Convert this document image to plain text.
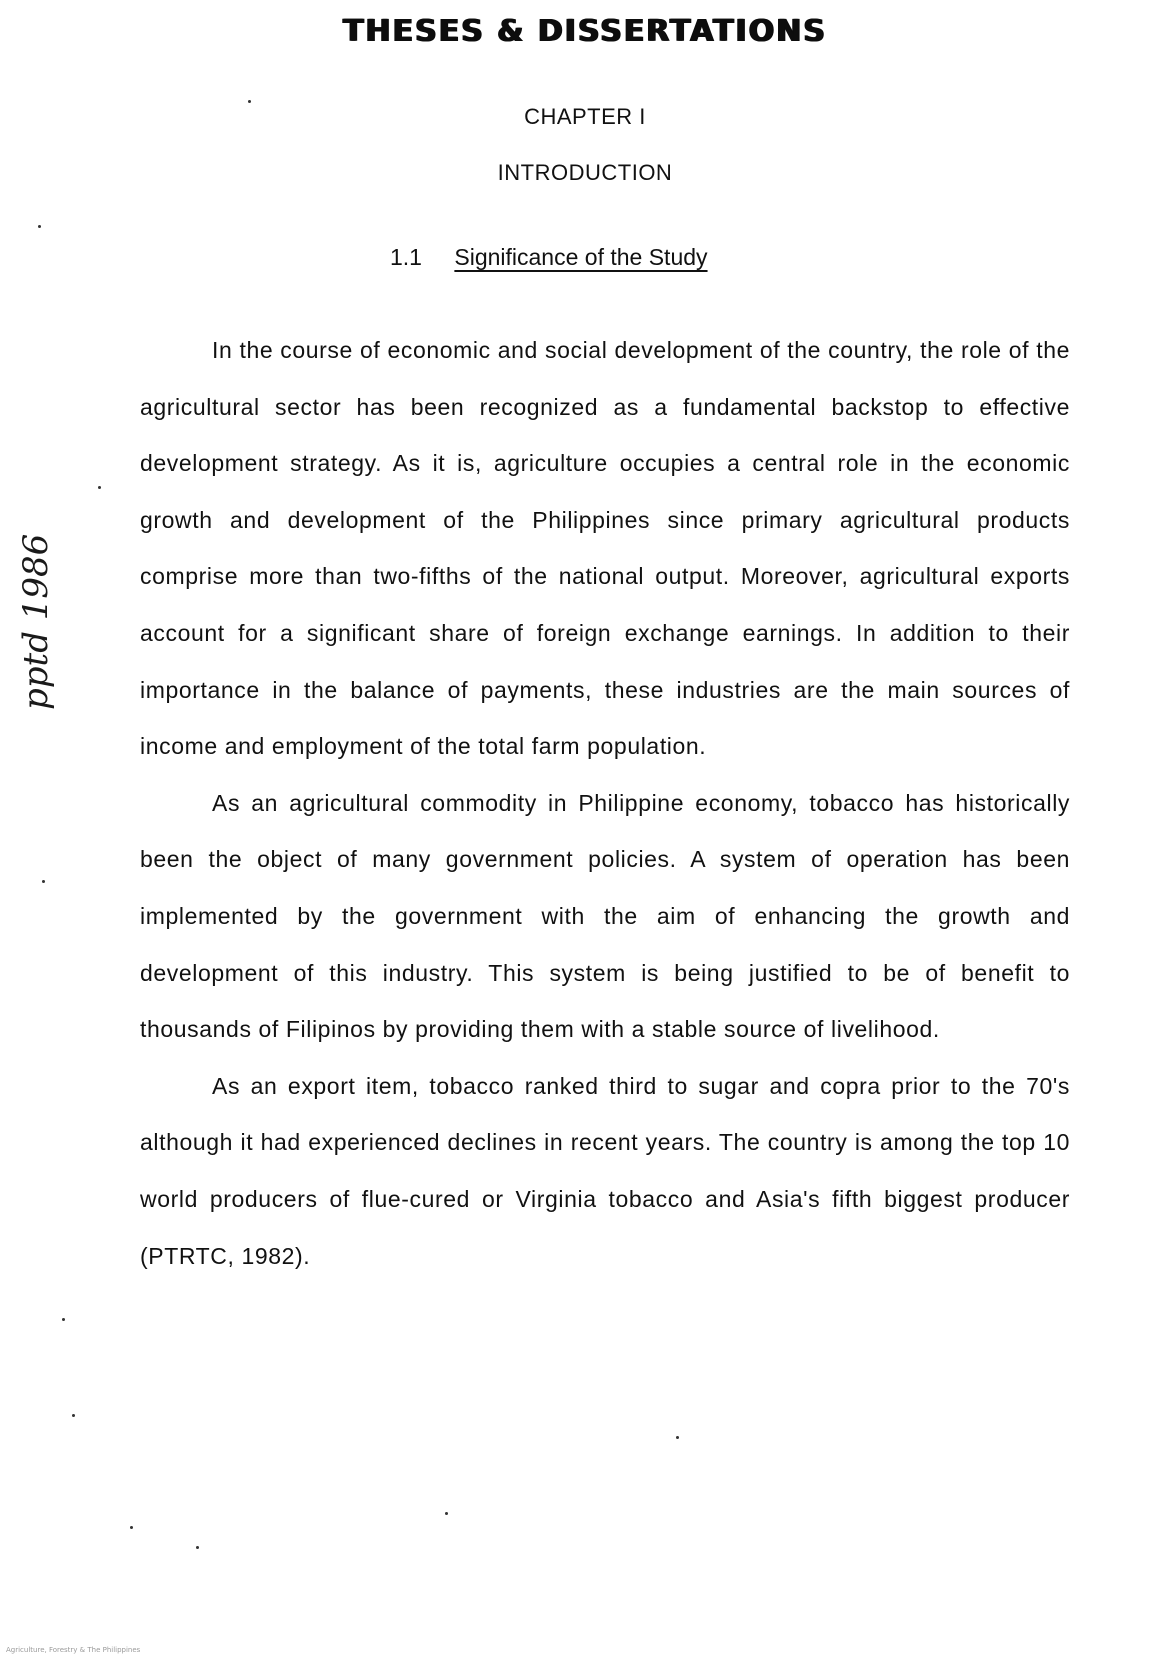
THESES & DISSERTATIONS
CHAPTER I
INTRODUCTION
1.1 Significance of the Study

In the course of economic and social development of the country, the role of the agricultural sector has been recognized as a fundamental backstop to effective development strategy. As it is, agriculture occupies a central role in the economic growth and development of the Philippines since primary agricultural products comprise more than two-fifths of the national output. Moreover, agricultural exports account for a significant share of foreign exchange earnings. In addition to their importance in the balance of payments, these industries are the main sources of income and employment of the total farm population.

As an agricultural commodity in Philippine economy, tobacco has historically been the object of many government policies. A system of operation has been implemented by the government with the aim of enhancing the growth and development of this industry. This system is being justified to be of benefit to thousands of Filipinos by providing them with a stable source of livelihood.

As an export item, tobacco ranked third to sugar and copra prior to the 70's although it had experienced declines in recent years. The country is among the top 10 world producers of flue-cured or Virginia tobacco and Asia's fifth biggest producer (PTRTC, 1982).

pptd 1986
Agriculture, Forestry & The Philippines
